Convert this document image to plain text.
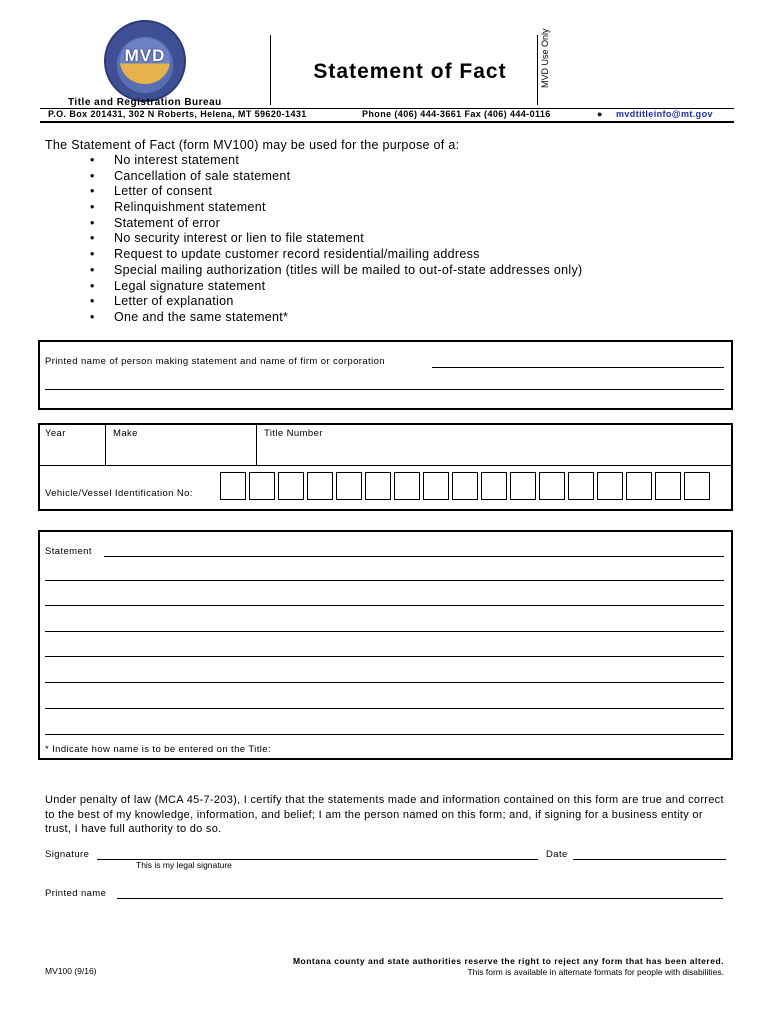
MVD
Statement of Fact	MVD Use Only
Title and Registration Bureau
P.O. Box 201431, 302 N Roberts, Helena, MT 59620-1431	Phone (406) 444-3661 Fax (406) 444-0116	● mvdtitleinfo@mt.gov
The Statement of Fact (form MV100) may be used for the purpose of a:
• No interest statement
• Cancellation of sale statement
• Letter of consent
• Relinquishment statement
• Statement of error
• No security interest or lien to file statement
• Request to update customer record residential/mailing address
• Special mailing authorization (titles will be mailed to out-of-state addresses only)
• Legal signature statement
• Letter of explanation
• One and the same statement*
Printed name of person making statement and name of firm or corporation
Year	Make	Title Number
Vehicle/Vessel Identification No:
Statement
* Indicate how name is to be entered on the Title:
Under penalty of law (MCA 45-7-203), I certify that the statements made and information contained on this form are true and correct to the best of my knowledge, information, and belief; I am the person named on this form; and, if signing for a business entity or trust, I have full authority to do so.
Signature
This is my legal signature
Date
Printed name
MV100 (9/16)
Montana county and state authorities reserve the right to reject any form that has been altered.
This form is available in alternate formats for people with disabilities.
